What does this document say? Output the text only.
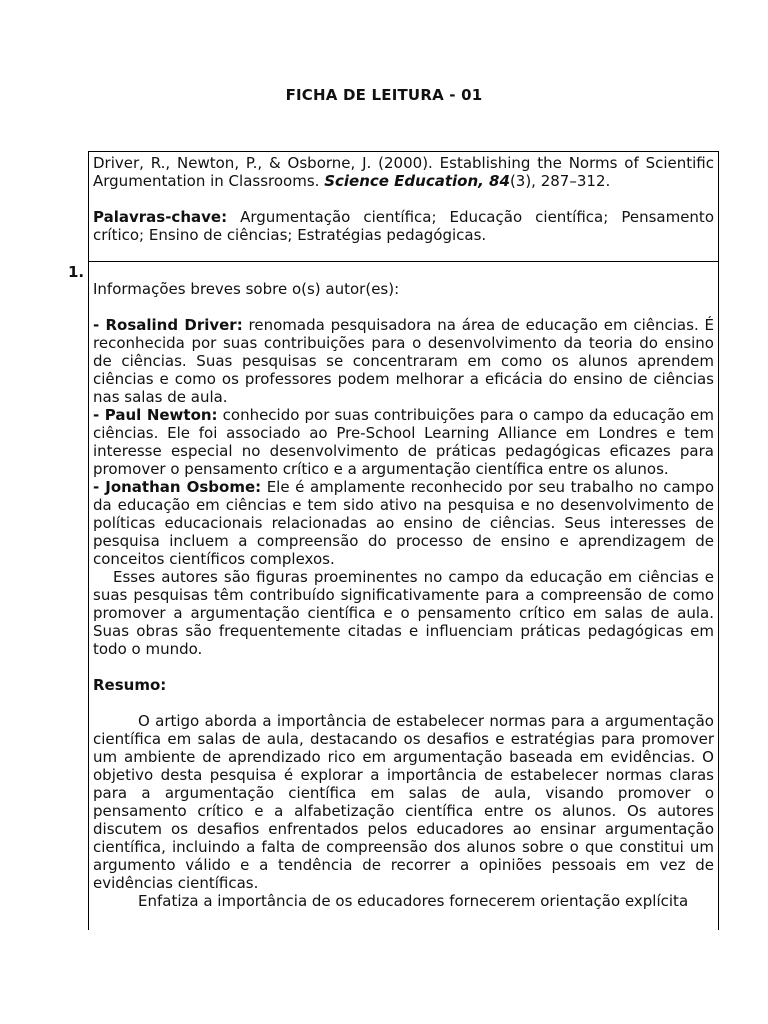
FICHA DE LEITURA - 01

Driver, R., Newton, P., & Osborne, J. (2000). Establishing the Norms of Scientific Argumentation in Classrooms. Science Education, 84(3), 287–312.

Palavras-chave: Argumentação científica; Educação científica; Pensamento crítico; Ensino de ciências; Estratégias pedagógicas.

1.

Informações breves sobre o(s) autor(es):

- Rosalind Driver: renomada pesquisadora na área de educação em ciências. É reconhecida por suas contribuições para o desenvolvimento da teoria do ensino de ciências. Suas pesquisas se concentraram em como os alunos aprendem ciências e como os professores podem melhorar a eficácia do ensino de ciências nas salas de aula.

- Paul Newton: conhecido por suas contribuições para o campo da educação em ciências. Ele foi associado ao Pre-School Learning Alliance em Londres e tem interesse especial no desenvolvimento de práticas pedagógicas eficazes para promover o pensamento crítico e a argumentação científica entre os alunos.

- Jonathan Osbome: Ele é amplamente reconhecido por seu trabalho no campo da educação em ciências e tem sido ativo na pesquisa e no desenvolvimento de políticas educacionais relacionadas ao ensino de ciências. Seus interesses de pesquisa incluem a compreensão do processo de ensino e aprendizagem de conceitos científicos complexos.

Esses autores são figuras proeminentes no campo da educação em ciências e suas pesquisas têm contribuído significativamente para a compreensão de como promover a argumentação científica e o pensamento crítico em salas de aula. Suas obras são frequentemente citadas e influenciam práticas pedagógicas em todo o mundo.

Resumo:

O artigo aborda a importância de estabelecer normas para a argumentação científica em salas de aula, destacando os desafios e estratégias para promover um ambiente de aprendizado rico em argumentação baseada em evidências. O objetivo desta pesquisa é explorar a importância de estabelecer normas claras para a argumentação científica em salas de aula, visando promover o pensamento crítico e a alfabetização científica entre os alunos. Os autores discutem os desafios enfrentados pelos educadores ao ensinar argumentação científica, incluindo a falta de compreensão dos alunos sobre o que constitui um argumento válido e a tendência de recorrer a opiniões pessoais em vez de evidências científicas.

Enfatiza a importância de os educadores fornecerem orientação explícita
